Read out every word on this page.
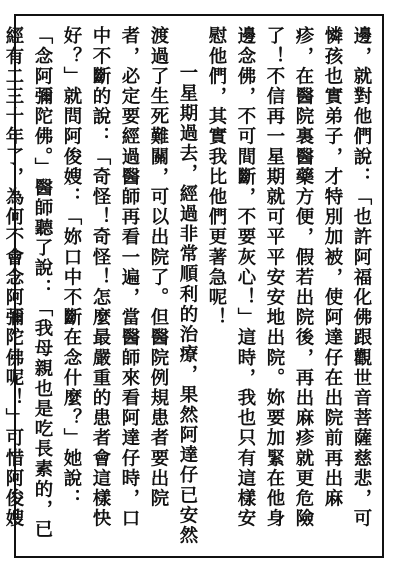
邊，就對他們說：「也許阿福化佛跟觀世音菩薩慈悲，可憐孩也實弟子，才特別加被，使阿達仔在出院前再出麻疹，在醫院裏醫藥方便，假若出院後，再出麻疹就更危險了！不信再一星期就可平平安安地出院。妳要加緊在他身邊念佛，不可間斷，不要灰心！」這時，我也只有這樣安慰他們，其實我比他們更著急呢！

一星期過去，經過非常順利的治療，果然阿達仔已安然渡過了生死難關，可以出院了。但醫院例規患者要出院者，必定要經過醫師再看一遍，當醫師來看阿達仔時，口中不斷的說：「奇怪！奇怪！怎麼最嚴重的患者會這樣快好？」就問阿俊嫂：「妳口中不斷在念什麼？」她說：「念阿彌陀佛。」醫師聽了說：「我母親也是吃長素的，已經有二三十年了，為何不會念阿彌陀佛呢！」可惜阿俊嫂
